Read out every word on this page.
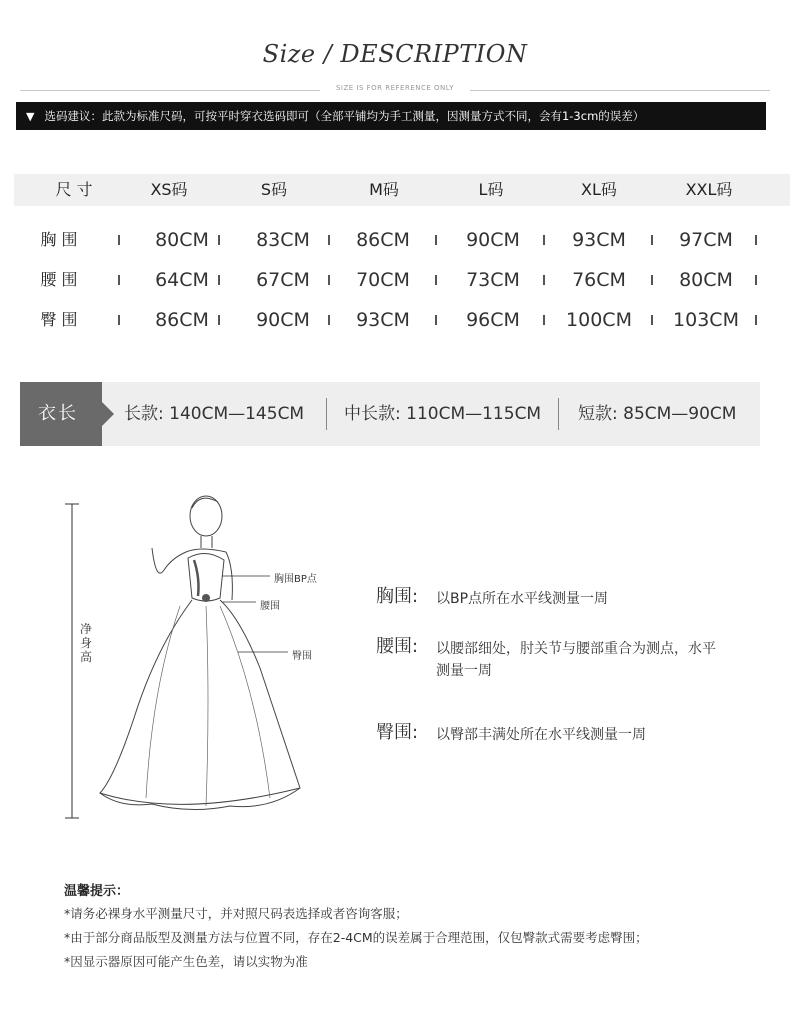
Size / DESCRIPTION
SIZE IS FOR REFERENCE ONLY
▼ 选码建议：此款为标准尺码，可按平时穿衣选码即可（全部平铺均为手工测量，因测量方式不同，会有1-3cm的误差）
尺 寸	XS码	S码	M码	L码	XL码	XXL码
胸 围	80CM	83CM	86CM	90CM	93CM	97CM
腰 围	64CM	67CM	70CM	73CM	76CM	80CM
臀 围	86CM	90CM	93CM	96CM	100CM	103CM
衣长	长款: 140CM—145CM 中长款: 110CM—115CM 短款: 85CM—90CM
净身高
胸围BP点
腰围
臀围
胸围: 以BP点所在水平线测量一周
腰围: 以腰部细处，肘关节与腰部重合为测点，水平测量一周
臀围: 以臀部丰满处所在水平线测量一周
温馨提示：
*请务必裸身水平测量尺寸，并对照尺码表选择或者咨询客服；
*由于部分商品版型及测量方法与位置不同，存在2-4CM的误差属于合理范围，仅包臀款式需要考虑臀围；
*因显示器原因可能产生色差，请以实物为准
